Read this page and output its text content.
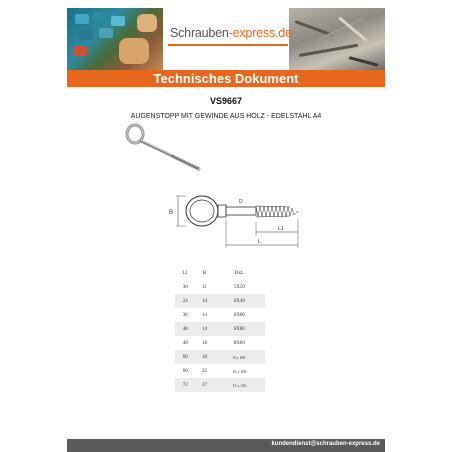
Schrauben-express.de
Technisches Dokument
VS9667
AUGENSTOPP MIT GEWINDE AUS HOLZ - EDELSTAHL A4
B
D
L1
L
L1	B	DxL
30	11	5X50
24	14	6X40
36	14	6X60
48	14	6X80
48	18	8X80
60	18	8 x 100
60	22	10 x 100
72	27	12 x 120
kundendienst@schrauben-express.de
